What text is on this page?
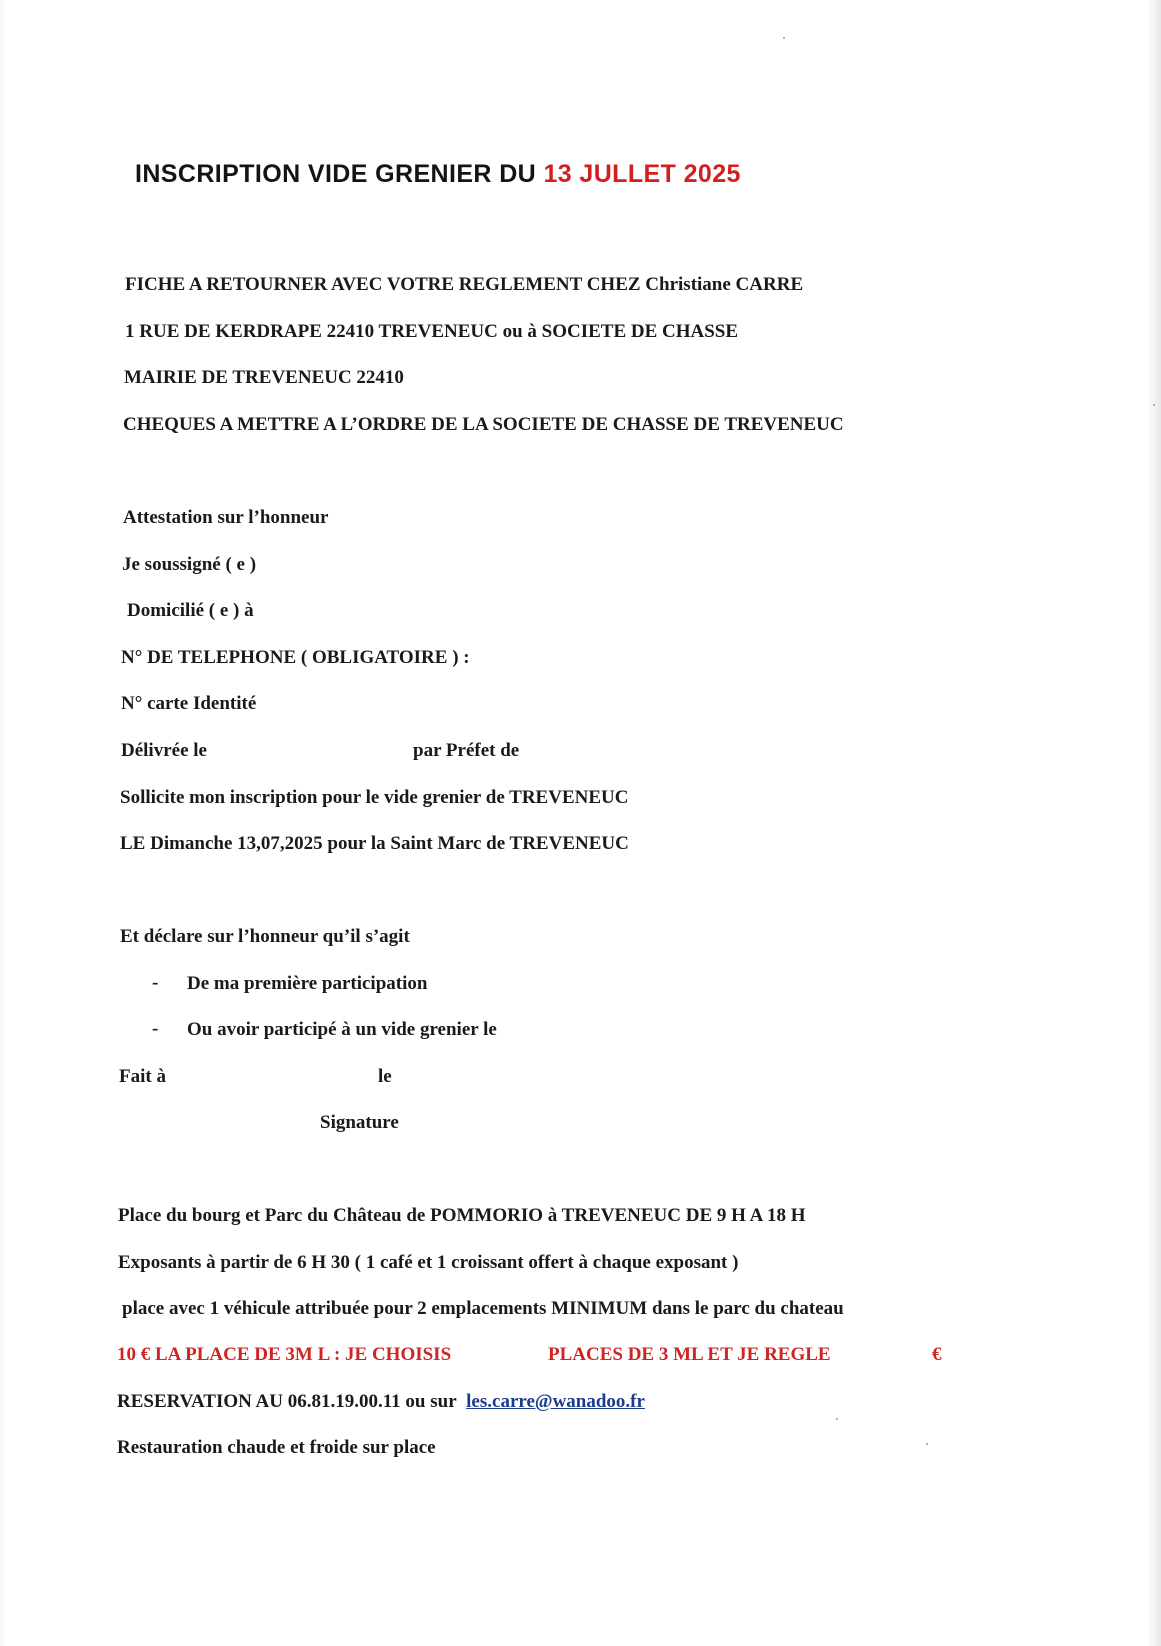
INSCRIPTION VIDE GRENIER DU 13 JULLET 2025
FICHE A RETOURNER AVEC VOTRE REGLEMENT CHEZ Christiane CARRE
1 RUE DE KERDRAPE 22410 TREVENEUC ou à SOCIETE DE CHASSE
MAIRIE DE TREVENEUC 22410
CHEQUES A METTRE A L’ORDRE DE LA SOCIETE DE CHASSE DE TREVENEUC
Attestation sur l’honneur
Je soussigné ( e )
Domicilié ( e ) à
N° DE TELEPHONE ( OBLIGATOIRE ) :
N° carte Identité
Délivrée le	par Préfet de
Sollicite mon inscription pour le vide grenier de TREVENEUC
LE Dimanche 13,07,2025 pour la Saint Marc de TREVENEUC
Et déclare sur l’honneur qu’il s’agit
- De ma première participation
- Ou avoir participé à un vide grenier le
Fait à	le
Signature
Place du bourg et Parc du Château de POMMORIO à TREVENEUC DE 9 H A 18 H
Exposants à partir de 6 H 30 ( 1 café et 1 croissant offert à chaque exposant )
place avec 1 véhicule attribuée pour 2 emplacements MINIMUM dans le parc du chateau
10 € LA PLACE DE 3M L : JE CHOISIS	PLACES DE 3 ML ET JE REGLE	€
RESERVATION AU 06.81.19.00.11 ou sur les.carre@wanadoo.fr
Restauration chaude et froide sur place
